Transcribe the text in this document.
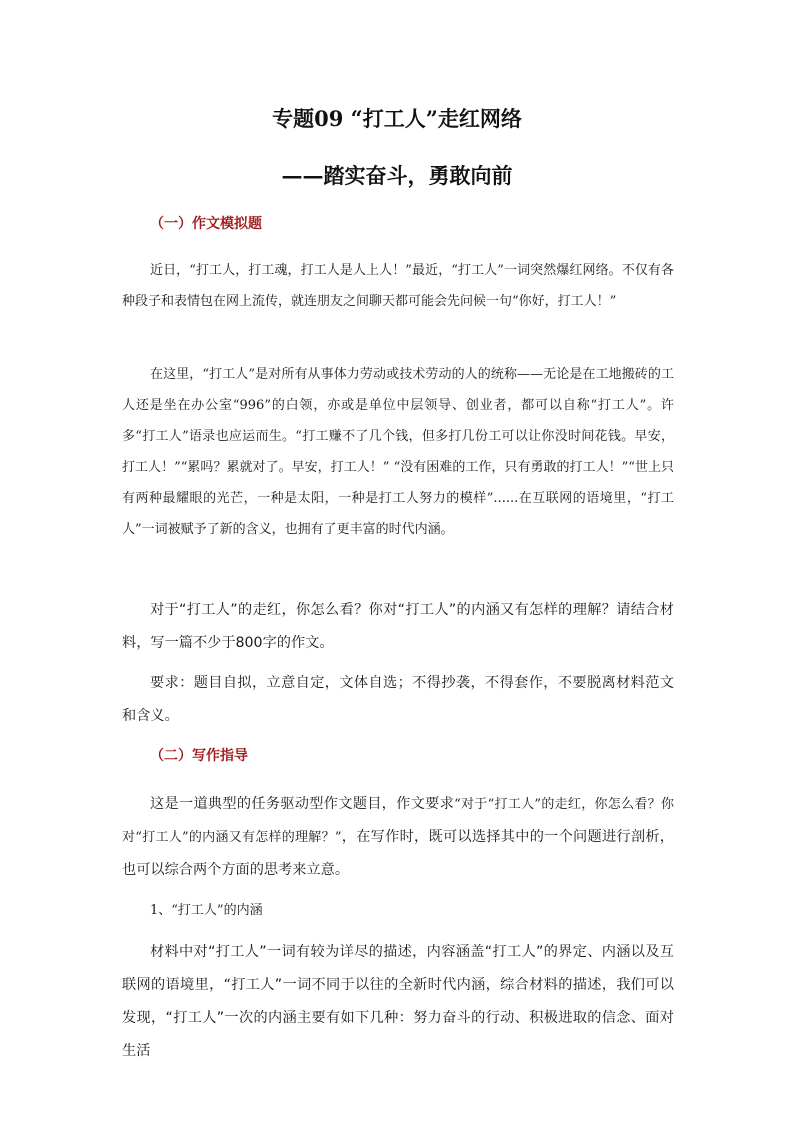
专题09 “打工人”走红网络
——踏实奋斗，勇敢向前
（一）作文模拟题

近日，“打工人，打工魂，打工人是人上人！”最近，“打工人”一词突然爆红网络。不仅有各种段子和表情包在网上流传，就连朋友之间聊天都可能会先问候一句“你好，打工人！”

在这里，“打工人”是对所有从事体力劳动或技术劳动的人的统称——无论是在工地搬砖的工人还是坐在办公室“996”的白领，亦或是单位中层领导、创业者，都可以自称“打工人”。许多“打工人”语录也应运而生。“打工赚不了几个钱，但多打几份工可以让你没时间花钱。早安，打工人！”“累吗？累就对了。早安，打工人！” “没有困难的工作，只有勇敢的打工人！”“世上只有两种最耀眼的光芒，一种是太阳，一种是打工人努力的模样”......在互联网的语境里，“打工人”一词被赋予了新的含义，也拥有了更丰富的时代内涵。

对于“打工人”的走红，你怎么看？你对“打工人”的内涵又有怎样的理解？请结合材料，写一篇不少于800字的作文。

要求：题目自拟，立意自定，文体自选；不得抄袭，不得套作，不要脱离材料范文和含义。

（二）写作指导

这是一道典型的任务驱动型作文题目，作文要求“对于“打工人”的走红，你怎么看？你对“打工人”的内涵又有怎样的理解？”，在写作时，既可以选择其中的一个问题进行剖析，也可以综合两个方面的思考来立意。

1、“打工人”的内涵

材料中对“打工人”一词有较为详尽的描述，内容涵盖“打工人”的界定、内涵以及互联网的语境里，“打工人”一词不同于以往的全新时代内涵，综合材料的描述，我们可以发现，“打工人”一次的内涵主要有如下几种：努力奋斗的行动、积极进取的信念、面对生活
